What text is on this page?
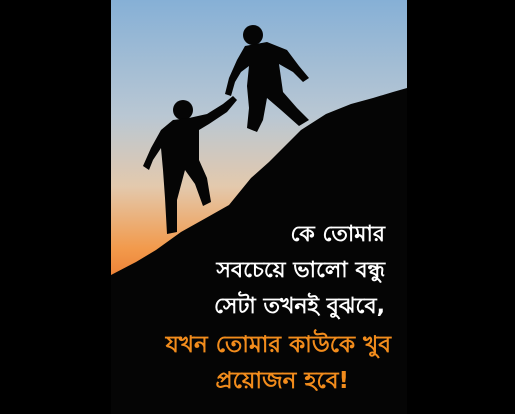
কে তোমার
সবচেয়ে ভালো বন্ধু
সেটা তখনই বুঝবে,
যখন তোমার কাউকে খুব
প্রয়োজন হবে!
